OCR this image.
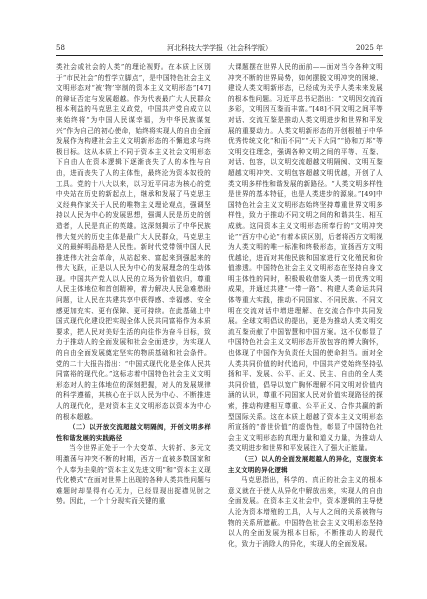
58	河北科技大学学报（社会科学版）	2025 年

类社会或社会的人类”的理论视野。在本质上区别于“市民社会”的哲学立脚点”，是中国特色社会主义文明形态对“被‘物’宰制的资本主义文明形态”[47]的辩证否定与发展超越。作为代表最广大人民群众根本利益的马克思主义政党，中国共产党自成立以来始终将“为中国人民谋幸福，为中华民族谋复兴”作为自己的初心使命，始终将实现人的自由全面发展作为构建社会主义文明新形态的不懈追求与终极目标。这从本质上不同于资本主义社会文明形态下自由人在资本逻辑下逐渐丧失了人的本性与自由，进而丧失了人的主体性，最终沦为资本奴役的工具。党的十八大以来，以习近平同志为核心的党中央站在历史的新起点上，继承和发展了马克思主义经典作家关于人民的唯物主义理论观点，强调坚持以人民为中心的发展思想，强调人民是历史的创造者，人民是真正的英雄。这深刻揭示了中华民族伟大复兴的历史主体是最广大人民群众，马克思主义的最鲜明品格是人民性。新时代党带领中国人民推进伟大社会革命，从站起来、富起来到强起来的伟大飞跃，正是以人民为中心的发展理念的生动体现。中国共产党人以人民的立场为价值依归，尊重人民主体地位和首创精神，着力解决人民急难愁盼问题，让人民在共建共享中获得感、幸福感、安全感更加充实、更有保障、更可持续。在此基础上中国式现代化建设把实现全体人民共同富裕作为本质要求，把人民对美好生活的向往作为奋斗目标，致力于推动人的全面发展和社会全面进步，为实现人的自由全面发展奠定坚实的物质基础和社会条件。党的二十大报告指出：“中国式现代化是全体人民共同富裕的现代化。”这标志着中国特色社会主义文明形态对人的主体地位的深刻把握，对人的发展规律的科学遵循，其核心在于以人民为中心、不断推进人的现代化，是对资本主义文明形态以资本为中心的根本超越。

（二）以开放交流超越文明隔阂，开创文明多样性和谐发展的实践路径

当今世界正处于一个大变革、大转折、多元文明激荡与冲突不断的时期，西方一直被多数国家和个人奉为圭臬的“资本主义先进文明”和“资本主义现代化模式”在面对世界上出现的各种人类共性问题与难题时却显得有心无力，已经显现出捉襟见肘之势。因此，一个十分现实而关键的重

大课题摆在世界人民的面前——面对当今各种文明冲突不断的世界局势，如何摆脱文明冲突的困境、建设人类文明新形态，已经成为关乎人类未来发展的根本性问题。习近平总书记指出：“文明因交流而多彩，文明因互鉴而丰富。”[48]不同文明之间平等对话、交流互鉴是推动人类文明进步和世界和平发展的重要动力。人类文明新形态的开创根植于中华优秀传统文化“和而不同”“天下大同”“协和万邦”等文明交往理念，强调各种文明之间的平等、互鉴、对话、包容，以文明交流超越文明隔阂、文明互鉴超越文明冲突、文明包容超越文明优越，开创了人类文明多样性和谐发展的新路径。“人类文明多样性是世界的基本特征，也是人类进步的源泉。”[49]中国特色社会主义文明形态始终坚持尊重世界文明多样性，致力于推动不同文明之间的和谐共生、相互成就。这同资本主义文明形态所奉行的“文明冲突论”“西方中心论”有着本质区别，后者将西方文明视为人类文明的唯一标准和终极形态，宣扬西方文明优越论，进而对其他民族和国家进行文化殖民和价值渗透。中国特色社会主义文明形态在坚持自身文明主体性的同时，积极吸收借鉴人类一切优秀文明成果，并通过共建“一带一路”、构建人类命运共同体等重大实践，推动不同国家、不同民族、不同文明在交流对话中增进理解、在交流合作中共同发展。全球文明倡议的提出，更是为推动人类文明交流互鉴贡献了中国智慧和中国方案。这不仅彰显了中国特色社会主义文明形态开放包容的博大胸怀，也体现了中国作为负责任大国的使命担当。面对全人类共同价值的时代追问，中国共产党始终坚持弘扬和平、发展、公平、正义、民主、自由的全人类共同价值，倡导以宽广胸怀理解不同文明对价值内涵的认识，尊重不同国家人民对价值实现路径的探索，推动构建相互尊重、公平正义、合作共赢的新型国际关系。这在本质上超越了资本主义文明形态所宣扬的“普世价值”的虚伪性，彰显了中国特色社会主义文明形态的真理力量和道义力量，为推动人类文明进步和世界和平发展注入了强大正能量。

（三）以人的全面发展超越人的异化，克服资本主义文明的异化逻辑

马克思指出，科学的、真正的社会主义的根本意义就在于使人从异化中解放出来，实现人的自由全面发展。在资本主义社会中，资本逻辑的主导使人沦为资本增殖的工具，人与人之间的关系被物与物的关系所遮蔽。中国特色社会主义文明形态坚持以人的全面发展为根本目标，不断推动人的现代化，致力于消除人的异化，实现人的全面发展。
